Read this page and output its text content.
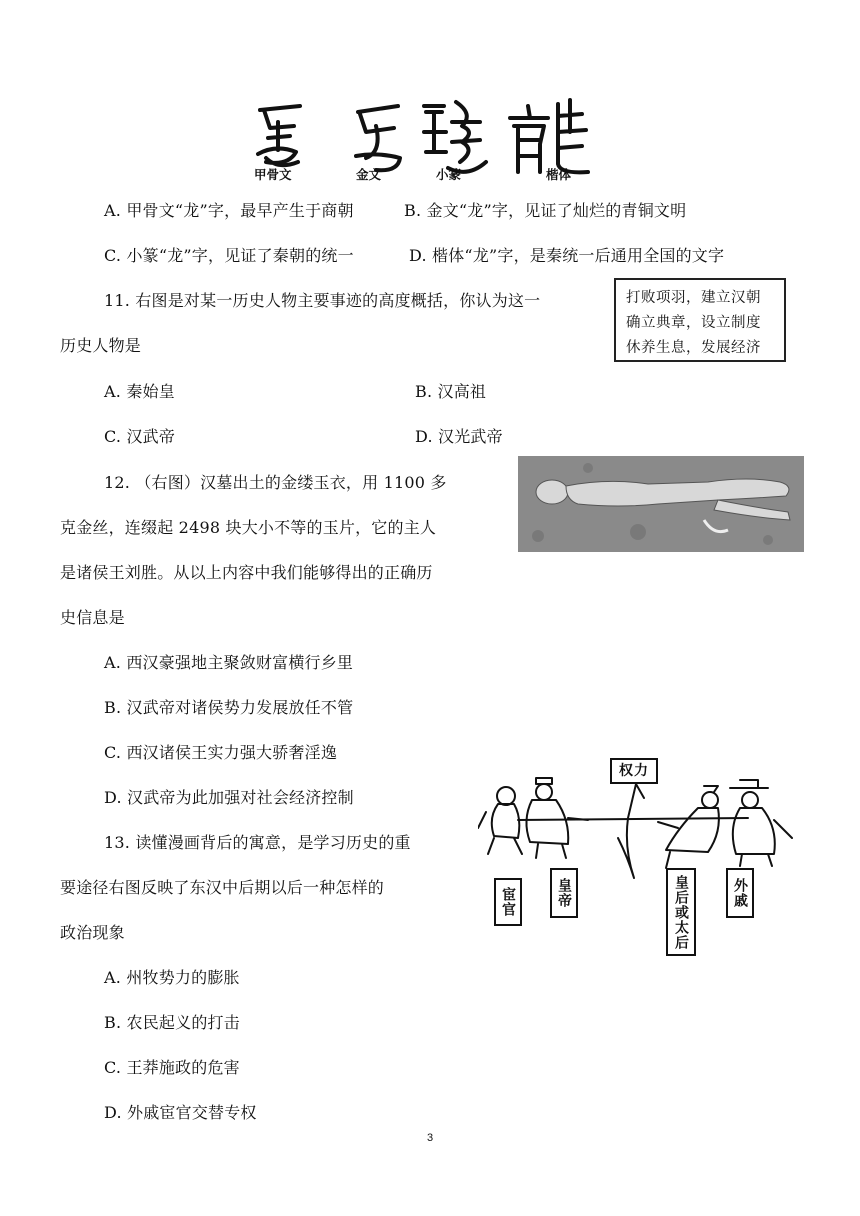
甲骨文	金文	小篆	楷体
A. 甲骨文“龙”字，最早产生于商朝	B. 金文“龙”字，见证了灿烂的青铜文明
C. 小篆“龙”字，见证了秦朝的统一	D. 楷体“龙”字，是秦统一后通用全国的文字
11. 右图是对某一历史人物主要事迹的高度概括，你认为这一
历史人物是
打败项羽，建立汉朝
确立典章，设立制度
休养生息，发展经济
A. 秦始皇	B. 汉高祖
C. 汉武帝	D. 汉光武帝
12. （右图）汉墓出土的金缕玉衣，用 1100 多
克金丝，连缀起 2498 块大小不等的玉片，它的主人
是诸侯王刘胜。从以上内容中我们能够得出的正确历
史信息是
A. 西汉豪强地主聚敛财富横行乡里
B. 汉武帝对诸侯势力发展放任不管
C. 西汉诸侯王实力强大骄奢淫逸
D. 汉武帝为此加强对社会经济控制
13. 读懂漫画背后的寓意，是学习历史的重
要途径右图反映了东汉中后期以后一种怎样的
政治现象
权力
宦官	皇帝	皇后或太后	外戚
A. 州牧势力的膨胀
B. 农民起义的打击
C. 王莽施政的危害
D. 外戚宦官交替专权
3
